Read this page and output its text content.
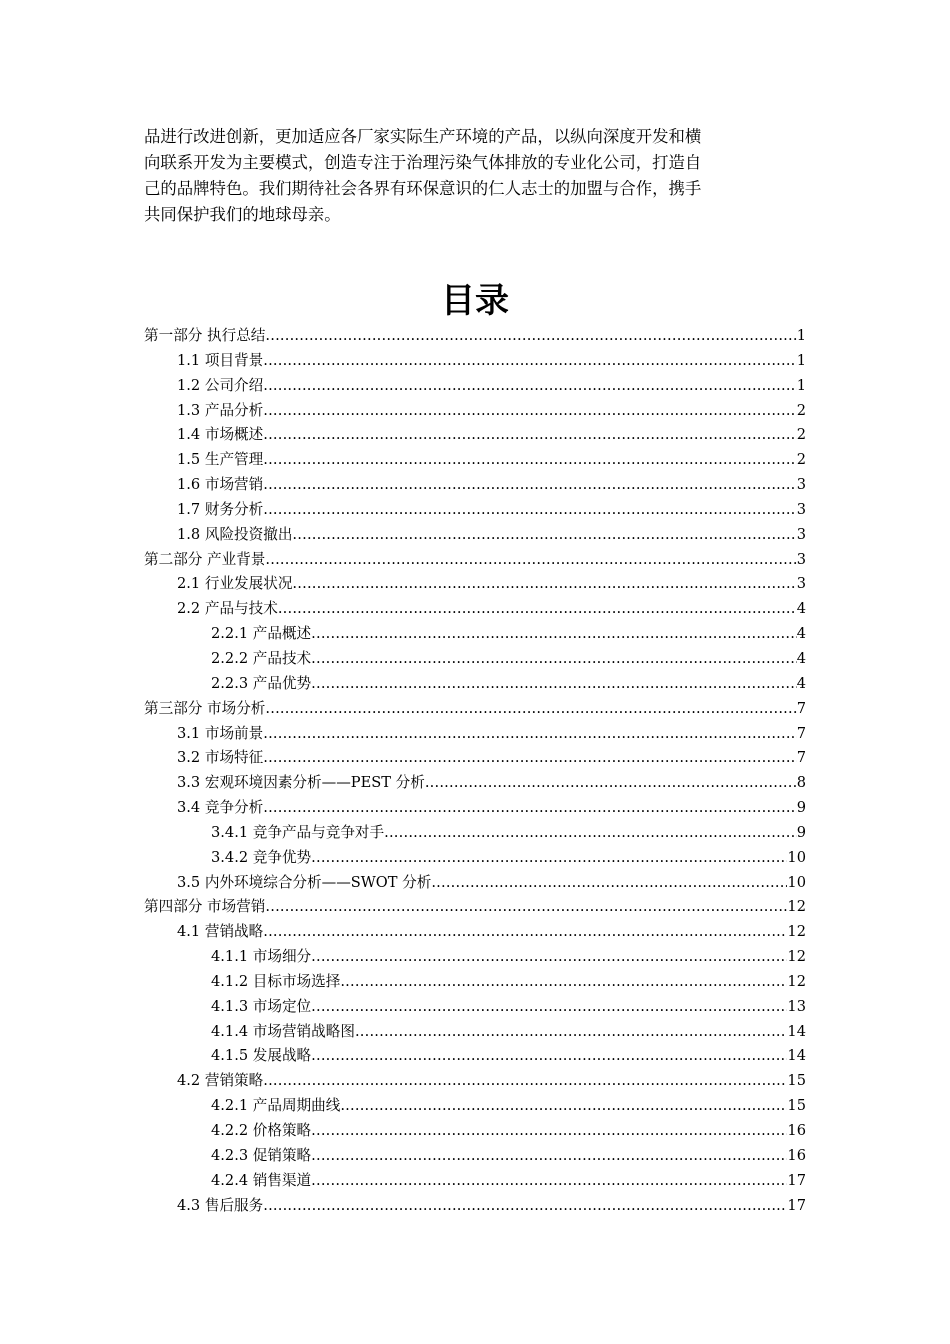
品进行改进创新，更加适应各厂家实际生产环境的产品，以纵向深度开发和横
向联系开发为主要模式，创造专注于治理污染气体排放的专业化公司，打造自
己的品牌特色。我们期待社会各界有环保意识的仁人志士的加盟与合作，携手
共同保护我们的地球母亲。

目录
第一部分 执行总结 .....	1
1.1 项目背景 .....	1
1.2 公司介绍 .....	1
1.3 产品分析 .....	2
1.4 市场概述 .....	2
1.5 生产管理 .....	2
1.6 市场营销 .....	3
1.7 财务分析 .....	3
1.8 风险投资撤出 .....	3
第二部分 产业背景 .....	3
2.1 行业发展状况 .....	3
2.2 产品与技术 .....	4
2.2.1 产品概述 .....	4
2.2.2 产品技术 .....	4
2.2.3 产品优势 .....	4
第三部分 市场分析 .....	7
3.1 市场前景 .....	7
3.2 市场特征 .....	7
3.3 宏观环境因素分析——PEST 分析 .....	8
3.4 竞争分析 .....	9
3.4.1 竞争产品与竞争对手 .....	9
3.4.2 竞争优势 .....	10
3.5 内外环境综合分析——SWOT 分析 .....	10
第四部分 市场营销 .....	12
4.1 营销战略 .....	12
4.1.1 市场细分 .....	12
4.1.2 目标市场选择 .....	12
4.1.3 市场定位 .....	13
4.1.4 市场营销战略图 .....	14
4.1.5 发展战略 .....	14
4.2 营销策略 .....	15
4.2.1 产品周期曲线 .....	15
4.2.2 价格策略 .....	16
4.2.3 促销策略 .....	16
4.2.4 销售渠道 .....	17
4.3 售后服务 .....	17
